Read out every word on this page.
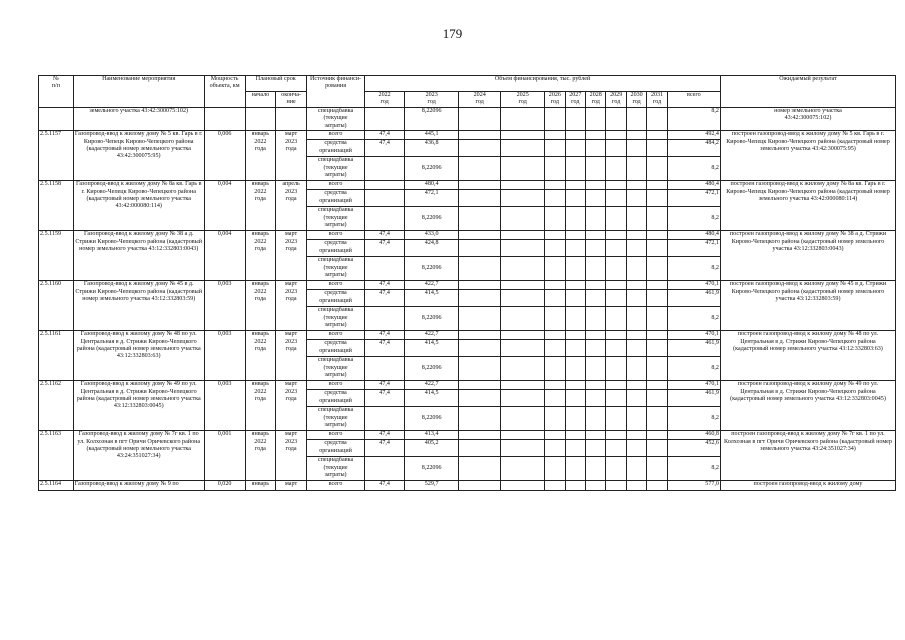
179
№
п/п	Наименование мероприятия	Мощность объекта, км	Плановый срок		Источник финанси-
рования	Объем финансирования, тыс. рублей											Ожидаемый результат
			начало	оконча-
ние		2022
год	2023
год	2024
год	2025
год	2026
год	2027
год	2028
год	2029
год	2030
год	2031
год	всего	
	земельного участка 43:42:300075:102)				спецнадбавка
(текущие
затраты)		8,22096									8,2	номер земельного участка
43:42:300075:102)
2.5.1157	Газопровод-ввод к жилому дому № 5 кв. Гарь в г. Кирово-Чепецк Кирово-Чепецкого района (кадастровый номер земельного участка 43:42:300075:95)	0,006	январь
2022
года	март
2023
года	всего	47,4	445,1									492,4	построен газопровод-ввод к жилому дому № 5 кв. Гарь в г. Кирово-Чепецк Кирово-Чепецкого района (кадастровый номер земельного участка 43:42:300075:95)
					средства
организаций	47,4	436,8									484,2	
					спецнадбавка
(текущие
затраты)		8,22096									8,2	
2.5.1158	Газопровод-ввод к жилому дому № 8а кв. Гарь в г. Кирово-Чепецк Кирово-Чепецкого района (кадастровый номер земельного участка 43:42:000080:114)	0,004	январь
2022
года	апрель
2023
года	всего		480,4									480,4	построен газопровод-ввод к жилому дому № 8а кв. Гарь в г. Кирово-Чепецк Кирово-Чепецкого района (кадастровый номер земельного участка 43:42:000080:114)
					средства
организаций		472,1									472,1	
					спецнадбавка
(текущие
затраты)		8,22096									8,2	
2.5.1159	Газопровод-ввод к жилому дому № 38 а д. Стрижи Кирово-Чепецкого района (кадастровый номер земельного участка 43:12:332803:0043)	0,004	январь
2022
года	март
2023
года	всего	47,4	433,0									480,4	построен газопровод-ввод к жилому дому № 38 а д. Стрижи Кирово-Чепецкого района (кадастровый номер земельного участка 43:12:332803:0043)
					средства
организаций	47,4	424,8									472,1	
					спецнадбавка
(текущие
затраты)		8,22096									8,2	
2.5.1160	Газопровод-ввод к жилому дому № 45 в д. Стрижи Кирово-Чепецкого района (кадастровый номер земельного участка 43:12:332803:59)	0,003	январь
2022
года	март
2023
года	всего	47,4	422,7									470,1	построен газопровод-ввод к жилому дому № 45 в д. Стрижи Кирово-Чепецкого района (кадастровый номер земельного участка 43:12:332803:59)
					средства
организаций	47,4	414,5									461,9	
					спецнадбавка
(текущие
затраты)		8,22096									8,2	
2.5.1161	Газопровод-ввод к жилому дому № 48 по ул. Центральная в д. Стрижи Кирово-Чепецкого района (кадастровый номер земельного участка 43:12:332803:63)	0,003	январь
2022
года	март
2023
года	всего	47,4	422,7									470,1	построен газопровод-ввод к жилому дому № 48 по ул. Центральная в д. Стрижи Кирово-Чепецкого района (кадастровый номер земельного участка 43:12:332803:63)
					средства
организаций	47,4	414,5									461,9	
					спецнадбавка
(текущие
затраты)		8,22096									8,2	
2.5.1162	Газопровод-ввод к жилому дому № 49 по ул. Центральная в д. Стрижи Кирово-Чепецкого района (кадастровый номер земельного участка 43:12:332803:0045)	0,003	январь
2022
года	март
2023
года	всего	47,4	422,7									470,1	построен газопровод-ввод к жилому дому № 49 по ул. Центральная в д. Стрижи Кирово-Чепецкого района (кадастровый номер земельного участка 43:12:332803:0045)
					средства
организаций	47,4	414,5									461,9	
					спецнадбавка
(текущие
затраты)		8,22096									8,2	
2.5.1163	Газопровод-ввод к жилому дому № 7г кв. 1 по ул. Колхозная в пгт Оричи Оричевского района (кадастровый номер земельного участка 43:24:351027:34)	0,001	январь
2022
года	март
2023
года	всего	47,4	413,4									460,8	построен газопровод-ввод к жилому дому № 7г кв. 1 по ул. Колхозная в пгт Оричи Оричевского района (кадастровый номер земельного участка 43:24:351027:34)
					средства
организаций	47,4	405,2									452,6	
					спецнадбавка
(текущие
затраты)		8,22096									8,2	
2.5.1164	Газопровод-ввод к жилому дому № 9 по	0,020	январь	март	всего	47,4	529,7									577,0	построен газопровод-ввод к жилому дому
